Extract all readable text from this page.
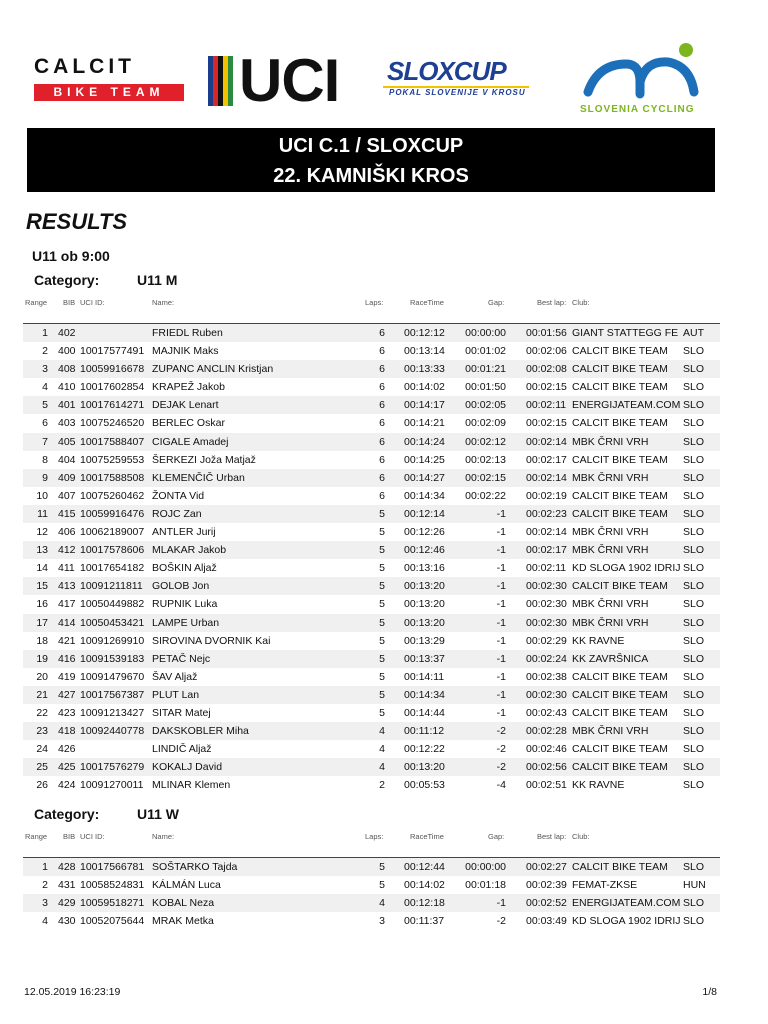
CALCIT
BIKE TEAM	UCI SLOXCUP
POKAL SLOVENIJE V KROSU
SLOVENIA CYCLING
UCI C.1 / SLOXCUP
22. KAMNIŠKI KROS
RESULTS
U11 ob 9:00
Category:	U11 M
Range BIB UCI ID:	Name:	Laps:	RaceTime	Gap:	Best lap: Club:
1 402	FRIEDL Ruben	6 00:12:12	00:00:00 00:01:56 GIANT STATTEGG FE AUT
2 400 10017577491 MAJNIK Maks	6 00:13:14	00:01:02 00:02:06 CALCIT BIKE TEAM SLO
3 408 10059916678 ZUPANC ANCLIN Kristjan	6 00:13:33	00:01:21 00:02:08 CALCIT BIKE TEAM SLO
4 410 10017602854 KRAPEŽ Jakob	6 00:14:02	00:01:50 00:02:15 CALCIT BIKE TEAM SLO
5 401 10017614271 DEJAK Lenart	6 00:14:17	00:02:05 00:02:11 ENERGIJATEAM.COM SLO
6 403 10075246520 BERLEC Oskar	6 00:14:21	00:02:09 00:02:15 CALCIT BIKE TEAM SLO
7 405 10017588407 CIGALE Amadej	6 00:14:24	00:02:12 00:02:14 MBK ČRNI VRH	SLO
8 404 10075259553 ŠERKEZI Joža Matjaž	6 00:14:25	00:02:13 00:02:17 CALCIT BIKE TEAM SLO
9 409 10017588508 KLEMENČIČ Urban	6 00:14:27	00:02:15 00:02:14 MBK ČRNI VRH	SLO
10 407 10075260462 ŽONTA Vid	6 00:14:34	00:02:22 00:02:19 CALCIT BIKE TEAM SLO
11 415 10059916476 ROJC Zan	5 00:12:14	-1 00:02:23 CALCIT BIKE TEAM SLO
12 406 10062189007 ANTLER Jurij	5 00:12:26	-1 00:02:14 MBK ČRNI VRH	SLO
13 412 10017578606 MLAKAR Jakob	5 00:12:46	-1 00:02:17 MBK ČRNI VRH	SLO
14 411 10017654182 BOŠKIN Aljaž	5 00:13:16	-1 00:02:11 KD SLOGA 1902 IDRIJ SLO
15 413 10091211811 GOLOB Jon	5 00:13:20	-1 00:02:30 CALCIT BIKE TEAM SLO
16 417 10050449882 RUPNIK Luka	5 00:13:20	-1 00:02:30 MBK ČRNI VRH	SLO
17 414 10050453421 LAMPE Urban	5 00:13:20	-1 00:02:30 MBK ČRNI VRH	SLO
18 421 10091269910 SIROVINA DVORNIK Kai	5 00:13:29	-1 00:02:29 KK RAVNE	SLO
19 416 10091539183 PETAČ Nejc	5 00:13:37	-1 00:02:24 KK ZAVRŠNICA	SLO
20 419 10091479670 ŠAV Aljaž	5 00:14:11	-1 00:02:38 CALCIT BIKE TEAM SLO
21 427 10017567387 PLUT Lan	5 00:14:34	-1 00:02:30 CALCIT BIKE TEAM SLO
22 423 10091213427 SITAR Matej	5 00:14:44	-1 00:02:43 CALCIT BIKE TEAM SLO
23 418 10092440778 DAKSKOBLER Miha	4 00:11:12	-2 00:02:28 MBK ČRNI VRH	SLO
24 426	LINDIČ Aljaž	4 00:12:22	-2 00:02:46 CALCIT BIKE TEAM SLO
25 425 10017576279 KOKALJ David	4 00:13:20	-2 00:02:56 CALCIT BIKE TEAM SLO
26 424 10091270011 MLINAR Klemen	2 00:05:53	-4 00:02:51 KK RAVNE	SLO
Category:	U11 W
Range BIB UCI ID:	Name:	Laps:	RaceTime	Gap:	Best lap: Club:
1 428 10017566781 SOŠTARKO Tajda	5 00:12:44	00:00:00 00:02:27 CALCIT BIKE TEAM SLO
2 431 10058524831 KÁLMÁN Luca	5 00:14:02	00:01:18 00:02:39 FEMAT-ZKSE	HUN
3 429 10059518271 KOBAL Neza	4 00:12:18	-1 00:02:52 ENERGIJATEAM.COM SLO
4 430 10052075644 MRAK Metka	3 00:11:37	-2 00:03:49 KD SLOGA 1902 IDRIJ SLO
12.05.2019 16:23:19	1/8
